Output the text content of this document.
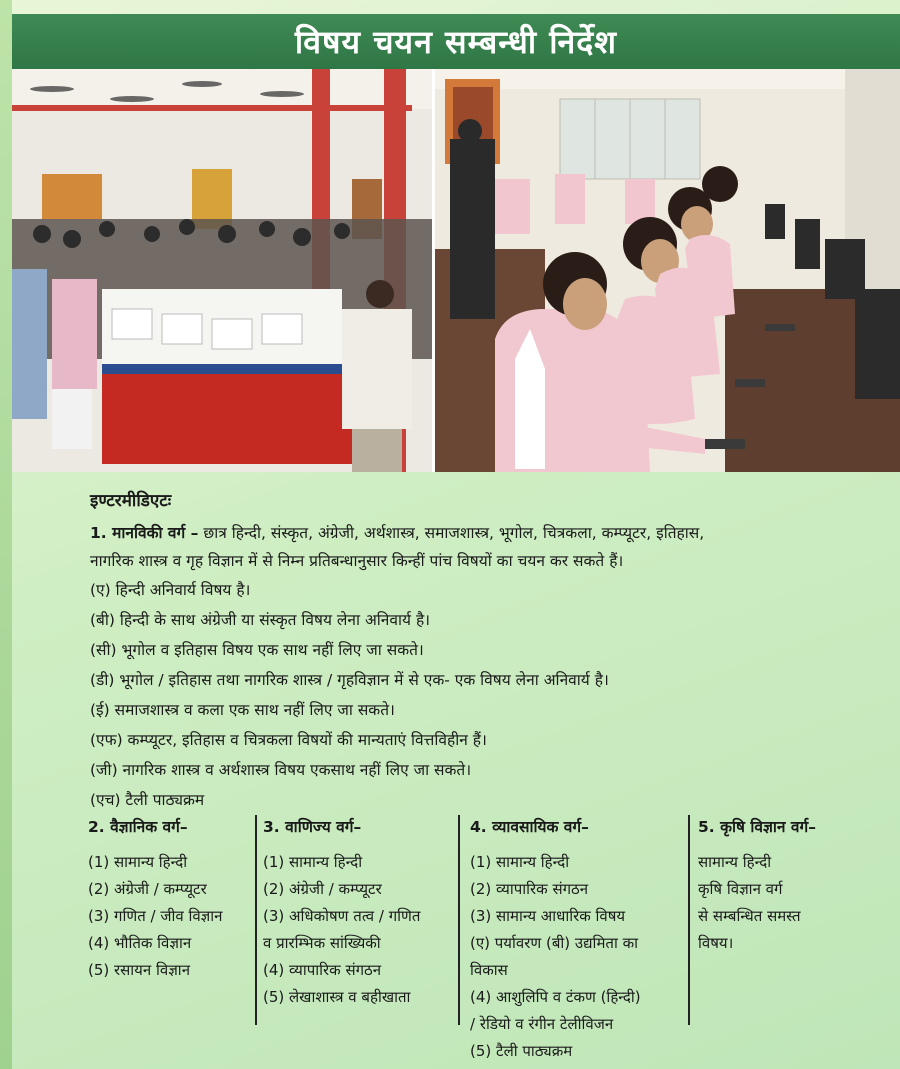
विषय चयन सम्बन्धी निर्देश

इण्टरमीडिएटः

1. मानविकी वर्ग – छात्र हिन्दी, संस्कृत, अंग्रेजी, अर्थशास्त्र, समाजशास्त्र, भूगोल, चित्रकला, कम्प्यूटर, इतिहास,

नागरिक शास्त्र व गृह विज्ञान में से निम्न प्रतिबन्धानुसार किन्हीं पांच विषयों का चयन कर सकते हैं।

(ए) हिन्दी अनिवार्य विषय है।

(बी) हिन्दी के साथ अंग्रेजी या संस्कृत विषय लेना अनिवार्य है।

(सी) भूगोल व इतिहास विषय एक साथ नहीं लिए जा सकते।

(डी) भूगोल / इतिहास तथा नागरिक शास्त्र / गृहविज्ञान में से एक- एक विषय लेना अनिवार्य है।

(ई) समाजशास्त्र व कला एक साथ नहीं लिए जा सकते।

(एफ) कम्प्यूटर, इतिहास व चित्रकला विषयों की मान्यताएं वित्तविहीन हैं।

(जी) नागरिक शास्त्र व अर्थशास्त्र विषय एकसाथ नहीं लिए जा सकते।

(एच) टैली पाठ्यक्रम

2. वैज्ञानिक वर्ग–

(1) सामान्य हिन्दी

(2) अंग्रेजी / कम्प्यूटर

(3) गणित / जीव विज्ञान

(4) भौतिक विज्ञान

(5) रसायन विज्ञान

3. वाणिज्य वर्ग–

(1) सामान्य हिन्दी

(2) अंग्रेजी / कम्प्यूटर

(3) अधिकोषण तत्व / गणित

व प्रारम्भिक सांख्यिकी

(4) व्यापारिक संगठन

(5) लेखाशास्त्र व बहीखाता

4. व्यावसायिक वर्ग–

(1) सामान्य हिन्दी

(2) व्यापारिक संगठन

(3) सामान्य आधारिक विषय

(ए) पर्यावरण (बी) उद्यमिता का

विकास

(4) आशुलिपि व टंकण (हिन्दी)

/ रेडियो व रंगीन टेलीविजन

(5) टैली पाठ्यक्रम

5. कृषि विज्ञान वर्ग–

सामान्य हिन्दी

कृषि विज्ञान वर्ग

से सम्बन्धित समस्त

विषय।
